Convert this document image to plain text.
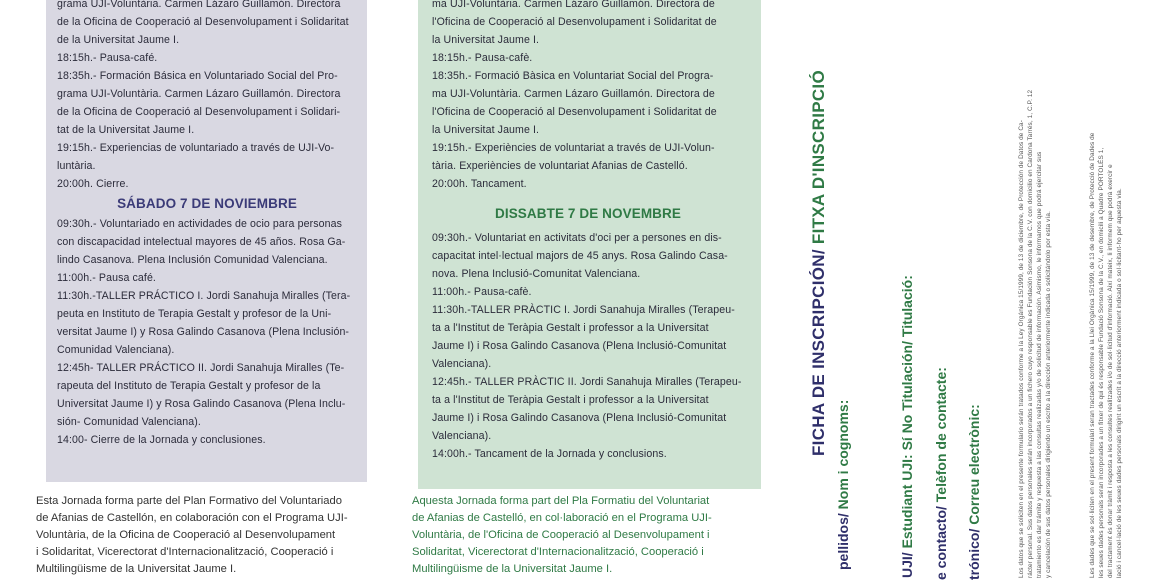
grama UJI-Voluntària. Carmen Lázaro Guillamón. Directora

de la Oficina de Cooperació al Desenvolupament i Solidaritat

de la Universitat Jaume I.

18:15h.- Pausa-café.

18:35h.- Formación Básica en Voluntariado Social del Pro-

grama UJI-Voluntària. Carmen Lázaro Guillamón. Directora

de la Oficina de Cooperació al Desenvolupament i Solidari-

tat de la Universitat Jaume I.

19:15h.- Experiencias de voluntariado a través de UJI-Vo-

luntària.

20:00h. Cierre.

SÁBADO 7 DE NOVIEMBRE

09:30h.- Voluntariado en actividades de ocio para personas

con discapacidad intelectual mayores de 45 años. Rosa Ga-

lindo Casanova. Plena Inclusión Comunidad Valenciana.

11:00h.- Pausa café.

11:30h.-TALLER PRÁCTICO I. Jordi Sanahuja Miralles (Tera-

peuta en Instituto de Terapia Gestalt y profesor de la Uni-

versitat Jaume I) y Rosa Galindo Casanova (Plena Inclusión-

Comunidad Valenciana).

12:45h- TALLER PRÁCTICO II. Jordi Sanahuja Miralles (Te-

rapeuta del Instituto de Terapia Gestalt y profesor de la

Universitat Jaume I) y Rosa Galindo Casanova (Plena Inclu-

sión- Comunidad Valenciana).

14:00- Cierre de la Jornada y conclusiones.

ma UJI-Voluntària. Carmen Lázaro Guillamón. Directora de

l'Oficina de Cooperació al Desenvolupament i Solidaritat de

la Universitat Jaume I.

18:15h.- Pausa-cafè.

18:35h.- Formació Bàsica en Voluntariat Social del Progra-

ma UJI-Voluntària. Carmen Lázaro Guillamón. Directora de

l'Oficina de Cooperació al Desenvolupament i Solidaritat de

la Universitat Jaume I.

19:15h.- Experiències de voluntariat a través de UJI-Volun-

tària. Experiències de voluntariat Afanias de Castelló.

20:00h. Tancament.

DISSABTE 7 DE NOVEMBRE

09:30h.- Voluntariat en activitats d'oci per a persones en dis-

capacitat intel·lectual majors de 45 anys. Rosa Galindo Casa-

nova. Plena Inclusió-Comunitat Valenciana.

11:00h.- Pausa-cafè.

11:30h.-TALLER PRÀCTIC I. Jordi Sanahuja Miralles (Terapeu-

ta a l'Institut de Teràpia Gestalt i professor a la Universitat

Jaume I) i Rosa Galindo Casanova (Plena Inclusió-Comunitat

Valenciana).

12:45h.- TALLER PRÀCTIC II. Jordi Sanahuja Miralles (Terapeu-

ta a l'Institut de Teràpia Gestalt i professor a la Universitat

Jaume I) i Rosa Galindo Casanova (Plena Inclusió-Comunitat

Valenciana).

14:00h.- Tancament de la Jornada y conclusions.

Esta Jornada forma parte del Plan Formativo del Voluntariado
de Afanias de Castellón, en colaboración con el Programa UJI-
Voluntària, de la Oficina de Cooperació al Desenvolupament
i Solidaritat, Vicerectorat d'Internacionalització, Cooperació i
Multilingüisme de la Universitat Jaume I.
Aquesta Jornada forma part del Pla Formatiu del Voluntariat
de Afanias de Castelló, en col·laboració en el Programa UJI-
Voluntària, de l'Oficina de Cooperació al Desenvolupament i
Solidaritat, Vicerectorat d'Internacionalització, Cooperació i
Multilingüisme de la Universitat Jaume I.
FICHA DE INSCRIPCIÓN/ FITXA D'INSCRIPCIÓ
pellidos/ Nom i cognoms:
UJI/ Estudiant UJI: Sí No Titulación/ Titulació:
e contacto/ Telèfon de contacte:
trónico/ Correu electrònic:	Los datos que se soliciten en el presente formulario serán tratados conforme a la Ley Orgánica 15/1999, de 13 de diciembre, de Protección de Datos de Ca- rácter personal. Sus datos personales serán incorporados a un fichero cuyo responsable es Fundación Sonsona de la C.V. con domicilio en Cardona Tarrés, 1, C.P. 12 tratamiento es dar trámite y respuesta a las consultas realizadas y/o de solicitud de información. Asimismo, le informamos que podrá ejercitar sus y cancelación de sus datos personales dirigiendo un escrito a la dirección anteriormente indicada o solicitándolo por esta vía.	Les dades que se sol·liciten en el present formulari seran tractades conforme a la Llei Orgànica 15/1999, de 13 de desembre, de Protecció de Dades de les seues dades personals seran incorporades a un fitxer de qui és responsable Fundació Sonsona de la C.V., en domicili a Quadre PORTOLÉS 1, del tractament és donar tràmit i resposta a les consultes realitzades i/o de sol·licitud d'informació. Així mateix, li informem que podrà exercir e lació i cancel·lació de les seues dades personals dirigint un escrit a la direcció anteriorment indicada o sol·licitant-ho per aquesta via.
